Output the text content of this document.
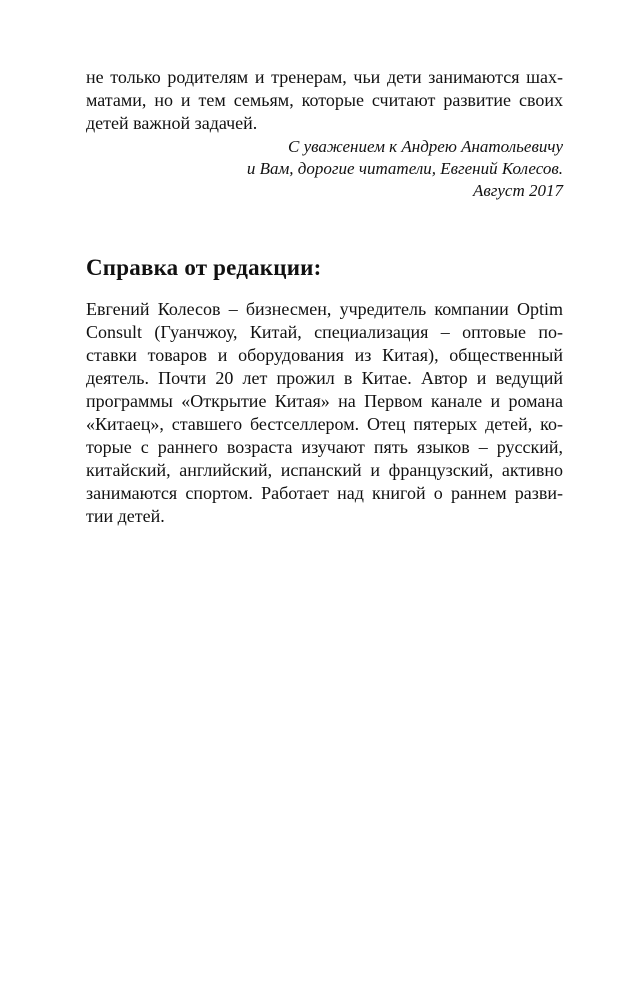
не только родителям и тренерам, чьи дети занимаются шах-
матами, но и тем семьям, которые считают развитие своих
детей важной задачей.
С уважением к Андрею Анатольевичу
и Вам, дорогие читатели, Евгений Колесов.
Август 2017
Справка от редакции:
Евгений Колесов – бизнесмен, учредитель компании Optim
Consult (Гуанчжоу, Китай, специализация – оптовые по-
ставки товаров и оборудования из Китая), общественный
деятель. Почти 20 лет прожил в Китае. Автор и ведущий
программы «Открытие Китая» на Первом канале и романа
«Китаец», ставшего бестселлером. Отец пятерых детей, ко-
торые с раннего возраста изучают пять языков – русский,
китайский, английский, испанский и французский, активно
занимаются спортом. Работает над книгой о раннем разви-
тии детей.
